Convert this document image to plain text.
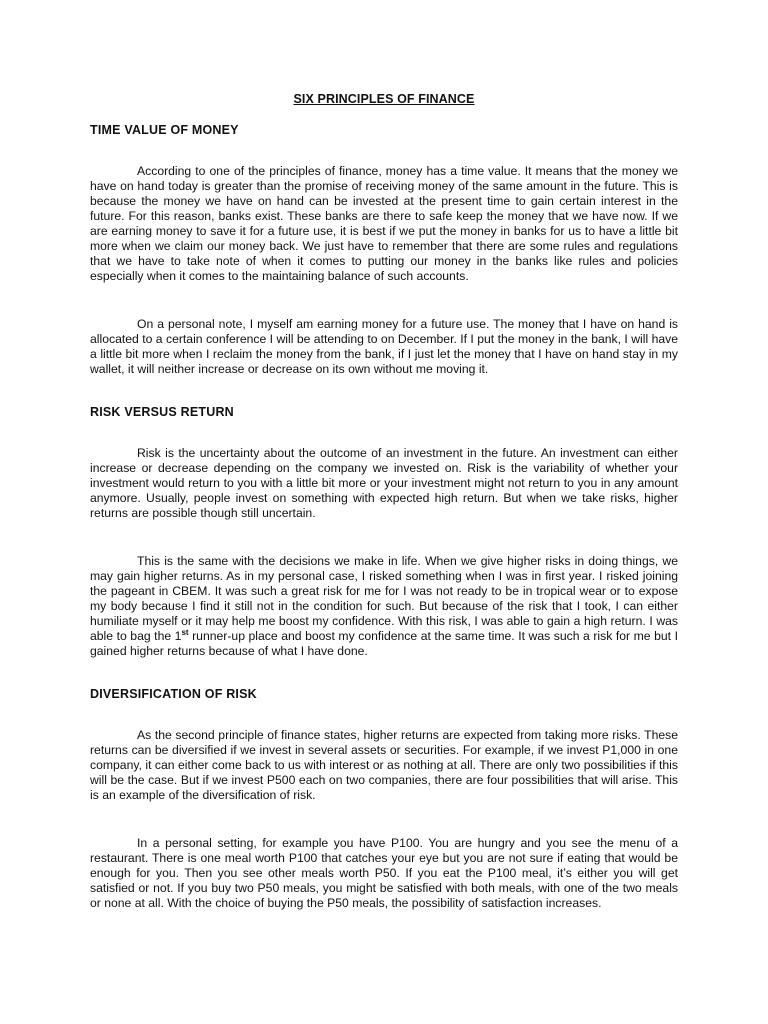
SIX PRINCIPLES OF FINANCE
TIME VALUE OF MONEY

According to one of the principles of finance, money has a time value. It means that the money we have on hand today is greater than the promise of receiving money of the same amount in the future. This is because the money we have on hand can be invested at the present time to gain certain interest in the future. For this reason, banks exist. These banks are there to safe keep the money that we have now. If we are earning money to save it for a future use, it is best if we put the money in banks for us to have a little bit more when we claim our money back. We just have to remember that there are some rules and regulations that we have to take note of when it comes to putting our money in the banks like rules and policies especially when it comes to the maintaining balance of such accounts.

On a personal note, I myself am earning money for a future use. The money that I have on hand is allocated to a certain conference I will be attending to on December. If I put the money in the bank, I will have a little bit more when I reclaim the money from the bank, if I just let the money that I have on hand stay in my wallet, it will neither increase or decrease on its own without me moving it.

RISK VERSUS RETURN

Risk is the uncertainty about the outcome of an investment in the future. An investment can either increase or decrease depending on the company we invested on. Risk is the variability of whether your investment would return to you with a little bit more or your investment might not return to you in any amount anymore. Usually, people invest on something with expected high return. But when we take risks, higher returns are possible though still uncertain.

This is the same with the decisions we make in life. When we give higher risks in doing things, we may gain higher returns. As in my personal case, I risked something when I was in first year. I risked joining the pageant in CBEM. It was such a great risk for me for I was not ready to be in tropical wear or to expose my body because I find it still not in the condition for such. But because of the risk that I took, I can either humiliate myself or it may help me boost my confidence. With this risk, I was able to gain a high return. I was able to bag the 1st runner-up place and boost my confidence at the same time. It was such a risk for me but I gained higher returns because of what I have done.

DIVERSIFICATION OF RISK

As the second principle of finance states, higher returns are expected from taking more risks. These returns can be diversified if we invest in several assets or securities. For example, if we invest P1,000 in one company, it can either come back to us with interest or as nothing at all. There are only two possibilities if this will be the case. But if we invest P500 each on two companies, there are four possibilities that will arise. This is an example of the diversification of risk.

In a personal setting, for example you have P100. You are hungry and you see the menu of a restaurant. There is one meal worth P100 that catches your eye but you are not sure if eating that would be enough for you. Then you see other meals worth P50. If you eat the P100 meal, it’s either you will get satisfied or not. If you buy two P50 meals, you might be satisfied with both meals, with one of the two meals or none at all. With the choice of buying the P50 meals, the possibility of satisfaction increases.
